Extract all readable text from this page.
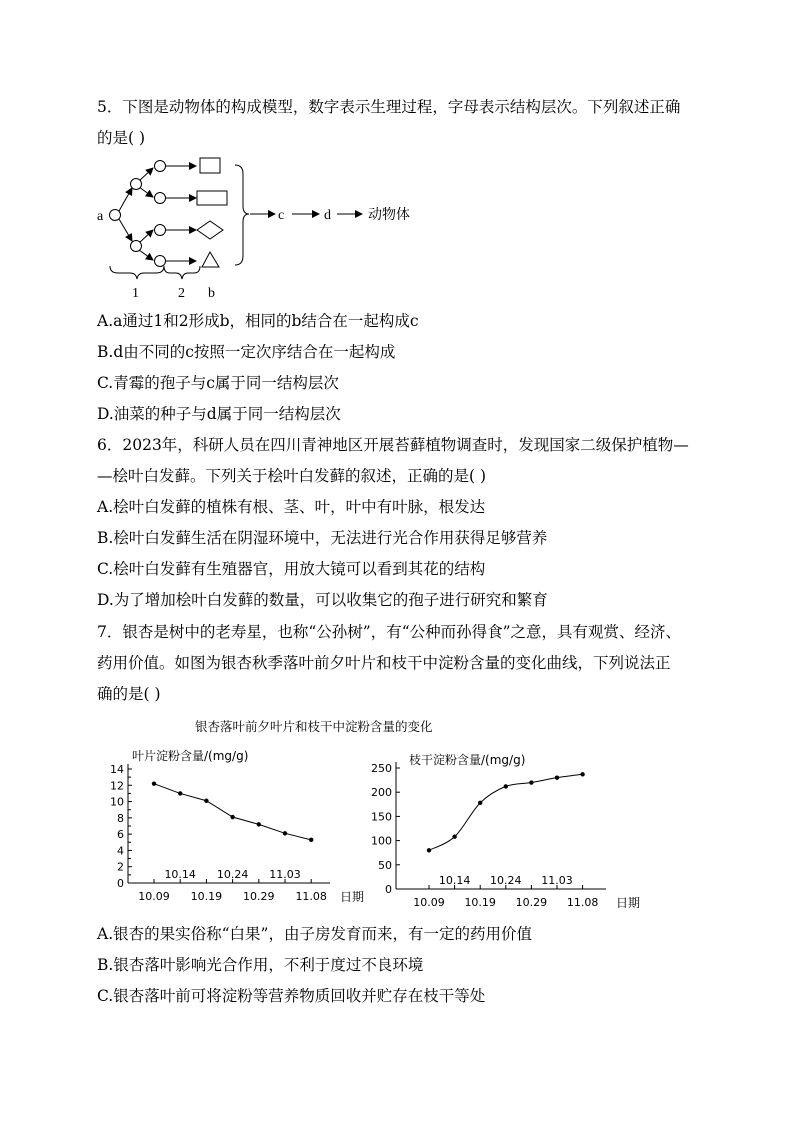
5．下图是动物体的构成模型，数字表示生理过程，字母表示结构层次。下列叙述正确
的是( )
a	c	d	动物体
1	2 b
A.a通过1和2形成b，相同的b结合在一起构成c
B.d由不同的c按照一定次序结合在一起构成
C.青霉的孢子与c属于同一结构层次
D.油菜的种子与d属于同一结构层次
6．2023年，科研人员在四川青神地区开展苔藓植物调查时，发现国家二级保护植物—
—桧叶白发藓。下列关于桧叶白发藓的叙述，正确的是( )
A.桧叶白发藓的植株有根、茎、叶，叶中有叶脉，根发达
B.桧叶白发藓生活在阴湿环境中，无法进行光合作用获得足够营养
C.桧叶白发藓有生殖器官，用放大镜可以看到其花的结构
D.为了增加桧叶白发藓的数量，可以收集它的孢子进行研究和繁育
7．银杏是树中的老寿星，也称“公孙树”，有“公种而孙得食”之意，具有观赏、经济、
药用价值。如图为银杏秋季落叶前夕叶片和枝干中淀粉含量的变化曲线，下列说法正
确的是( )
银杏落叶前夕叶片和枝干中淀粉含量的变化
0
2
4
6
8
10
12
14
10.09 10.19 10.29 11.08
10.14 10.24 11.03
叶片淀粉含量/(mg/g)
日期
0
50
100
150
200
250
10.09 10.19 10.29 11.08
10.14 10.24 11.03
枝干淀粉含量/(mg/g)
日期
A.银杏的果实俗称“白果”，由子房发育而来，有一定的药用价值
B.银杏落叶影响光合作用，不利于度过不良环境
C.银杏落叶前可将淀粉等营养物质回收并贮存在枝干等处
